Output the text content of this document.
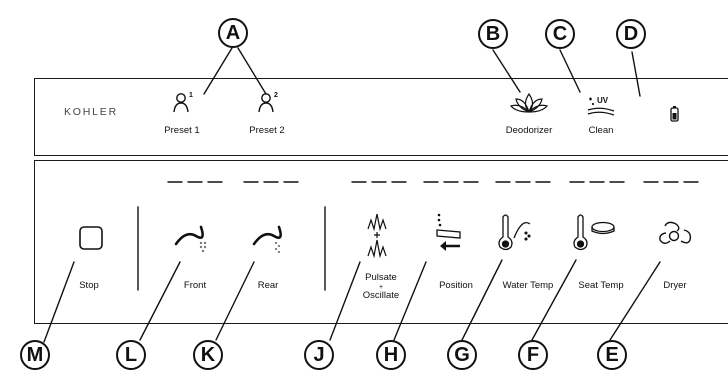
KOHLER
Preset 1	Preset 2	Deodorizer	Clean
Stop	Front	Rear
Pulsate
+
Oscillate
Position	Water Temp	Seat Temp	Dryer
1	2
UV
A	B	C	D
E
F
G
H
J
K
L
M
